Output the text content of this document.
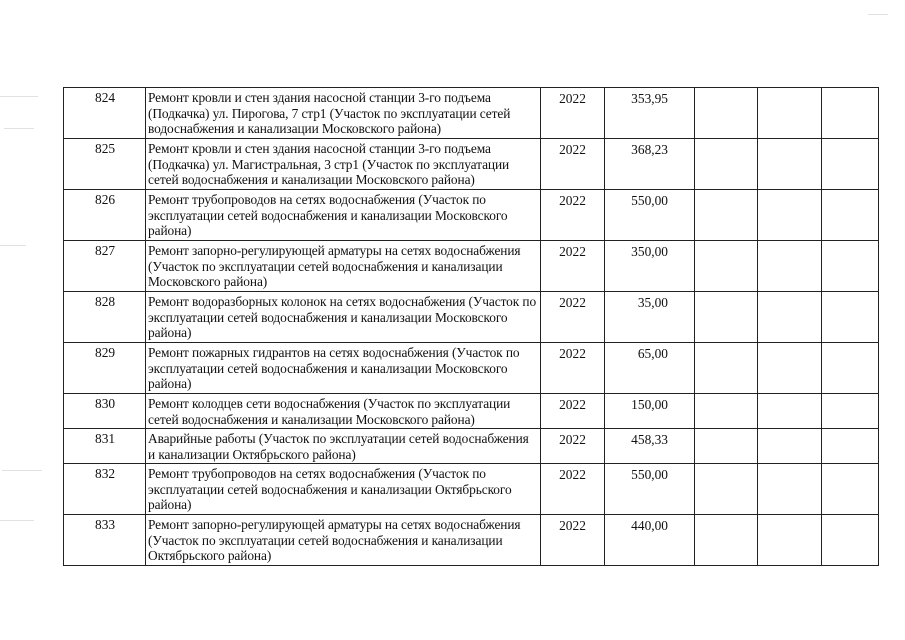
824	Ремонт кровли и стен здания насосной станции 3-го подъема (Подкачка) ул. Пирогова, 7 стр1 (Участок по эксплуатации сетей водоснабжения и канализации Московского района)	2022	353,95			
825	Ремонт кровли и стен здания насосной станции 3-го подъема (Подкачка) ул. Магистральная, 3 стр1 (Участок по эксплуатации сетей водоснабжения и канализации Московского района)	2022	368,23			
826	Ремонт трубопроводов на сетях водоснабжения (Участок по эксплуатации сетей водоснабжения и канализации Московского района)	2022	550,00			
827	Ремонт запорно-регулирующей арматуры на сетях водоснабжения (Участок по эксплуатации сетей водоснабжения и канализации Московского района)	2022	350,00			
828	Ремонт водоразборных колонок на сетях водоснабжения (Участок по эксплуатации сетей водоснабжения и канализации Московского района)	2022	35,00			
829	Ремонт пожарных гидрантов на сетях водоснабжения (Участок по эксплуатации сетей водоснабжения и канализации Московского района)	2022	65,00			
830	Ремонт колодцев сети водоснабжения (Участок по эксплуатации сетей водоснабжения и канализации Московского района)	2022	150,00			
831	Аварийные работы (Участок по эксплуатации сетей водоснабжения и канализации Октябрьского района)	2022	458,33			
832	Ремонт трубопроводов на сетях водоснабжения (Участок по эксплуатации сетей водоснабжения и канализации Октябрьского района)	2022	550,00			
833	Ремонт запорно-регулирующей арматуры на сетях водоснабжения (Участок по эксплуатации сетей водоснабжения и канализации Октябрьского района)	2022	440,00			
